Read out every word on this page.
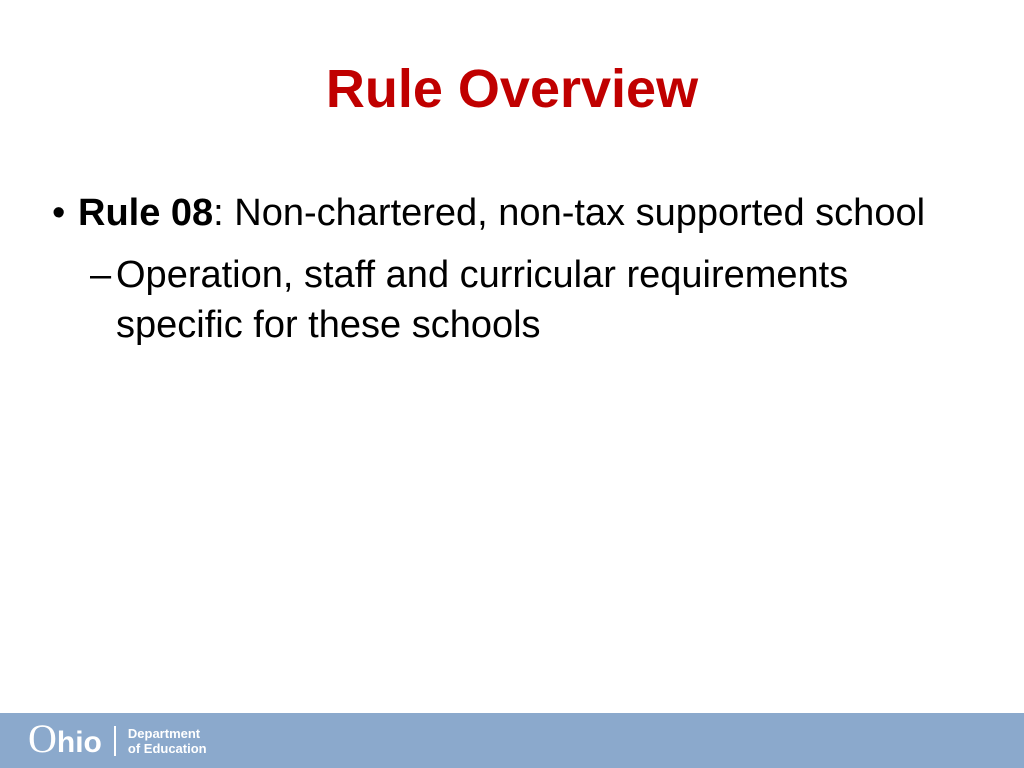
Rule Overview
• Rule 08: Non-chartered, non-tax supported school
– Operation, staff and curricular requirements specific for these schools
Ohio Department
of Education
